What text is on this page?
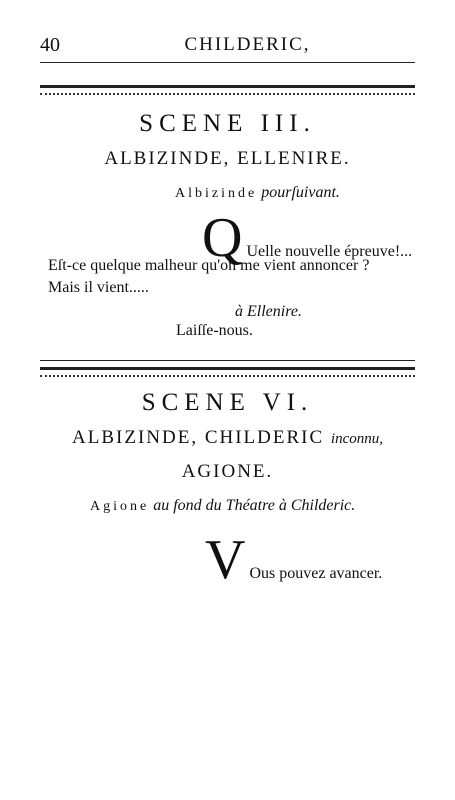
40	CHILDERIC,
SCENE III.
ALBIZINDE, ELLENIRE.
Albizinde pourſuivant.
Q Uelle nouvelle épreuve!...
Eſt-ce quelque malheur qu'on me vient annoncer ?
Mais il vient.....
à Ellenire.
Laiſſe-nous.
SCENE VI.
ALBIZINDE, CHILDERIC inconnu,
AGIONE.
Agione au fond du Théatre à Childeric.
V Ous pouvez avancer.
